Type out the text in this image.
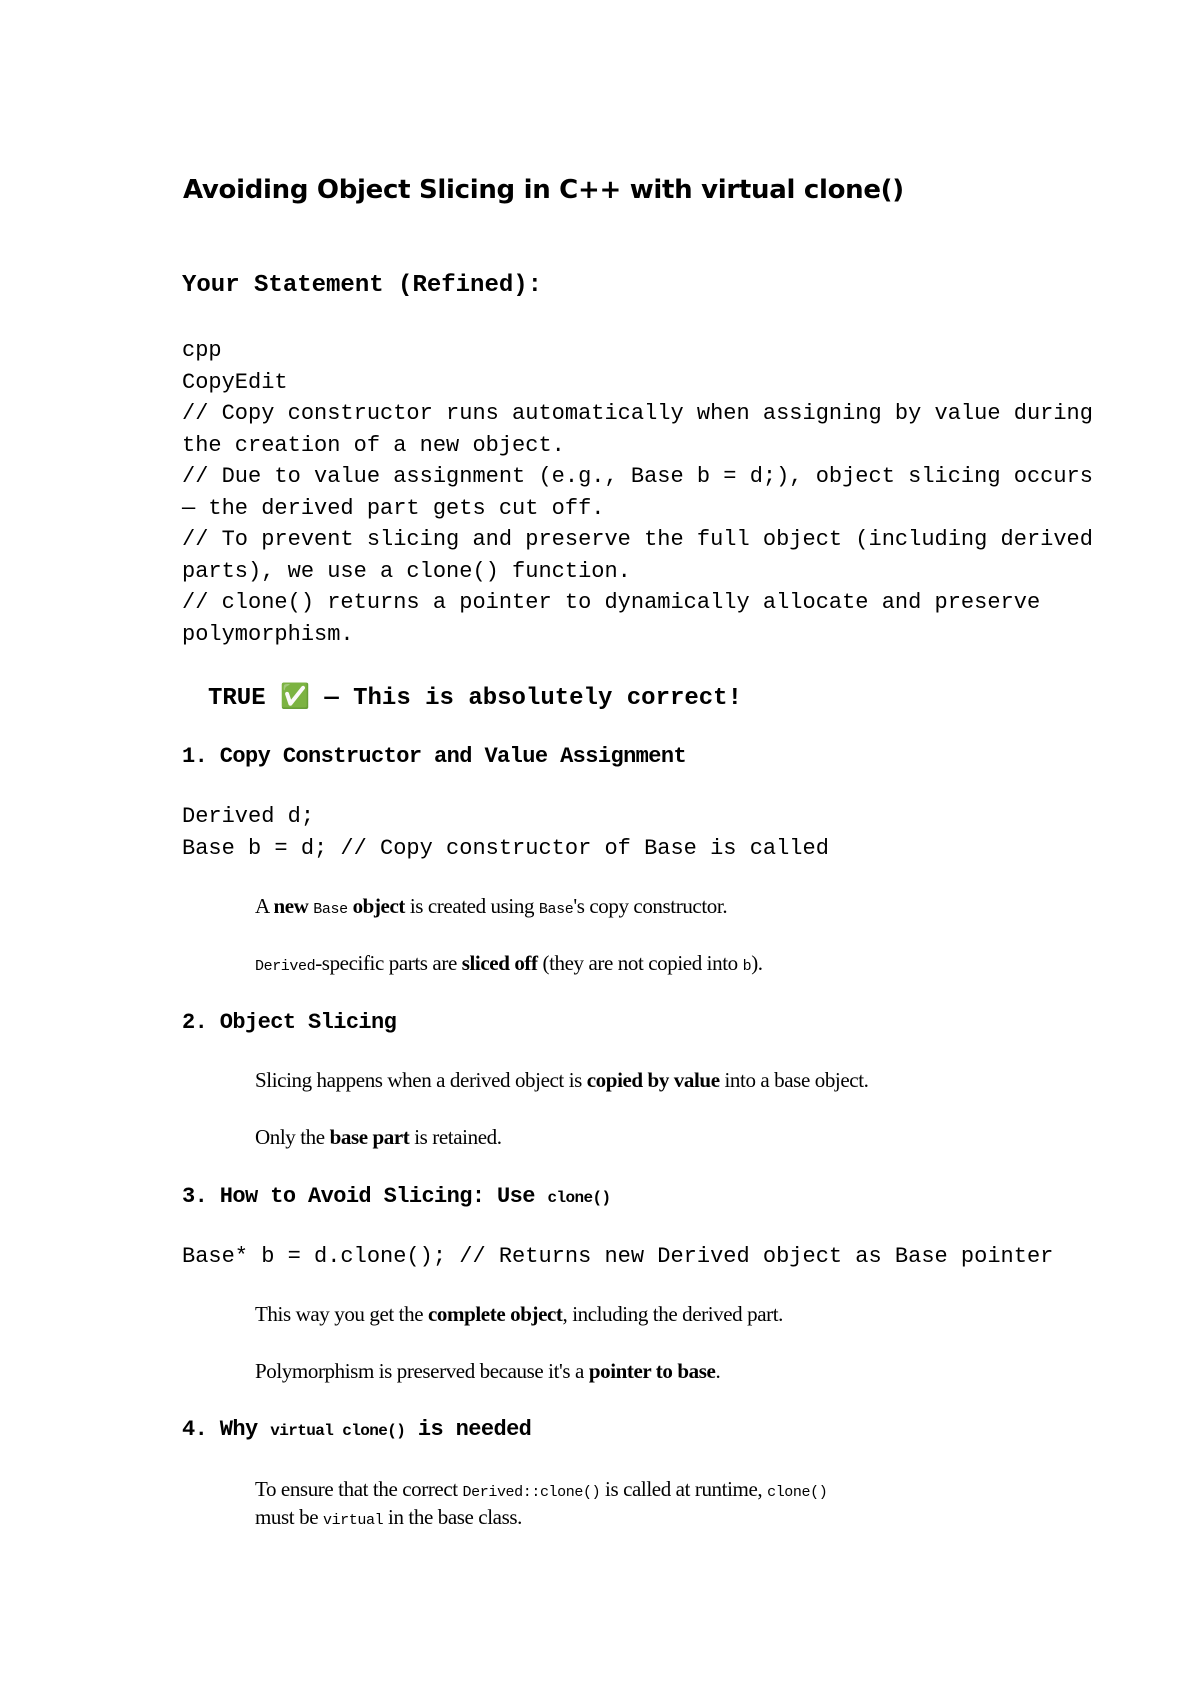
Avoiding Object Slicing in C++ with virtual clone()
Your Statement (Refined):
cpp
CopyEdit
// Copy constructor runs automatically when assigning by value during
the creation of a new object.
// Due to value assignment (e.g., Base b = d;), object slicing occurs
— the derived part gets cut off.
// To prevent slicing and preserve the full object (including derived
parts), we use a clone() function.
// clone() returns a pointer to dynamically allocate and preserve
polymorphism.
TRUE ✅ — This is absolutely correct!
1. Copy Constructor and Value Assignment
Derived d;
Base b = d; // Copy constructor of Base is called
A new Base object is created using Base's copy constructor.
Derived-specific parts are sliced off (they are not copied into b).
2. Object Slicing
Slicing happens when a derived object is copied by value into a base object.
Only the base part is retained.
3. How to Avoid Slicing: Use clone()
Base* b = d.clone(); // Returns new Derived object as Base pointer
This way you get the complete object, including the derived part.
Polymorphism is preserved because it's a pointer to base.
4. Why virtual clone() is needed
To ensure that the correct Derived::clone() is called at runtime, clone()
must be virtual in the base class.
